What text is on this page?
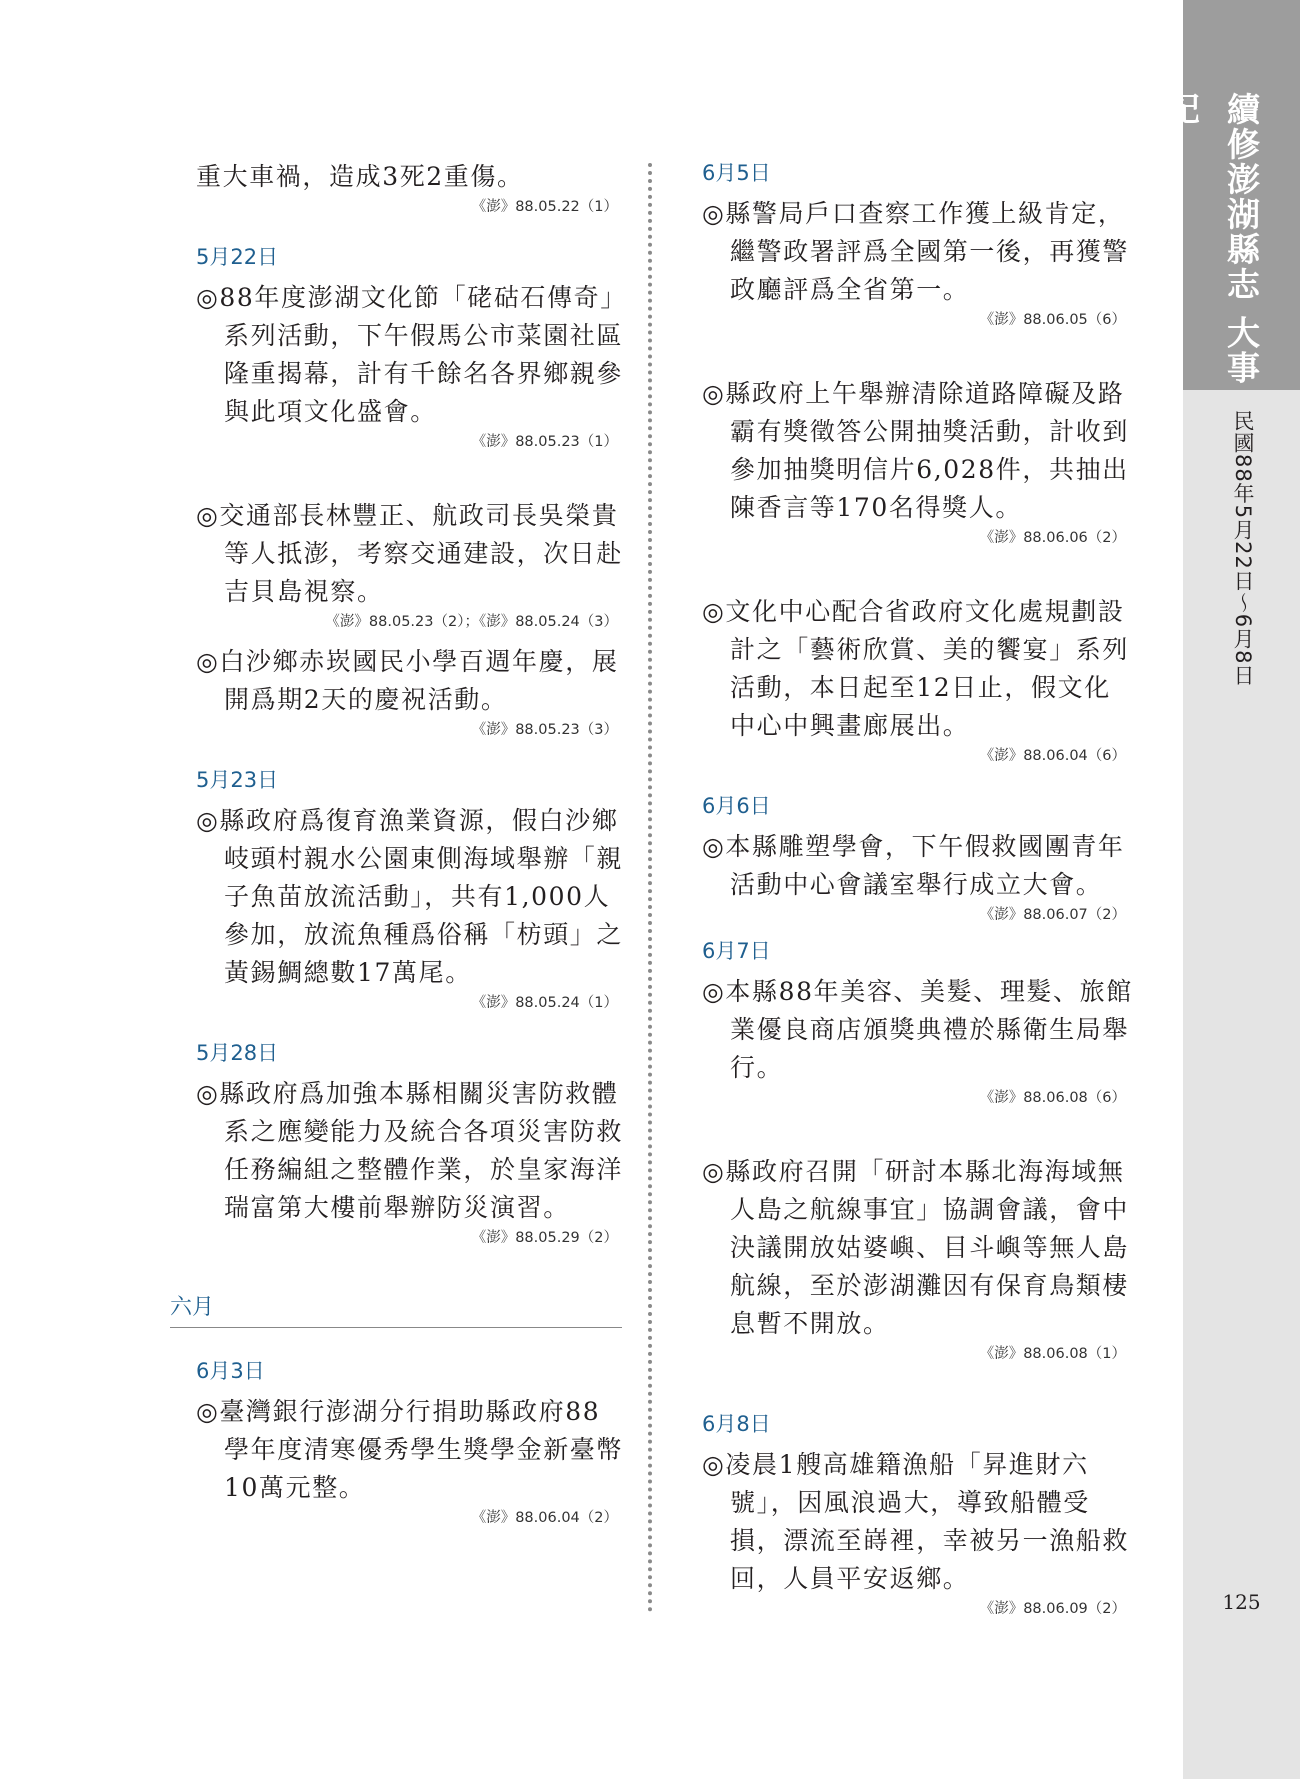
重大車禍，造成3死2重傷。

《澎》88.05.22（1）
5月22日

◎88年度澎湖文化節「硓𥑮石傳奇」系列活動，下午假馬公市菜園社區隆重揭幕，計有千餘名各界鄉親參與此項文化盛會。

《澎》88.05.23（1）

◎交通部長林豐正、航政司長吳榮貴等人抵澎，考察交通建設，次日赴吉貝島視察。

《澎》88.05.23（2）；《澎》88.05.24（3）

◎白沙鄉赤崁國民小學百週年慶，展開爲期2天的慶祝活動。

《澎》88.05.23（3）
5月23日

◎縣政府爲復育漁業資源，假白沙鄉岐頭村親水公園東側海域舉辦「親子魚苗放流活動」，共有1,000人參加，放流魚種爲俗稱「枋頭」之黃錫鯛總數17萬尾。

《澎》88.05.24（1）
5月28日

◎縣政府爲加強本縣相關災害防救體系之應變能力及統合各項災害防救任務編組之整體作業，於皇家海洋瑞富第大樓前舉辦防災演習。

《澎》88.05.29（2）
六月
6月3日

◎臺灣銀行澎湖分行捐助縣政府88學年度清寒優秀學生獎學金新臺幣10萬元整。

《澎》88.06.04（2）
6月5日

◎縣警局戶口查察工作獲上級肯定，繼警政署評爲全國第一後，再獲警政廳評爲全省第一。

《澎》88.06.05（6）

◎縣政府上午舉辦清除道路障礙及路霸有獎徵答公開抽獎活動，計收到參加抽獎明信片6,028件，共抽出陳香言等170名得獎人。

《澎》88.06.06（2）

◎文化中心配合省政府文化處規劃設計之「藝術欣賞、美的饗宴」系列活動，本日起至12日止，假文化中心中興畫廊展出。

《澎》88.06.04（6）
6月6日

◎本縣雕塑學會，下午假救國團青年活動中心會議室舉行成立大會。

《澎》88.06.07（2）
6月7日

◎本縣88年美容、美髮、理髮、旅館業優良商店頒獎典禮於縣衛生局舉行。

《澎》88.06.08（6）

◎縣政府召開「研討本縣北海海域無人島之航線事宜」協調會議，會中決議開放姑婆嶼、目斗嶼等無人島航線，至於澎湖灘因有保育鳥類棲息暫不開放。

《澎》88.06.08（1）
6月8日

◎凌晨1艘高雄籍漁船「昇進財六號」，因風浪過大，導致船體受損，漂流至嵵裡，幸被另一漁船救回，人員平安返鄉。

《澎》88.06.09（2）
續修澎湖縣志 大事記
民國88年5月22日～6月8日
125
